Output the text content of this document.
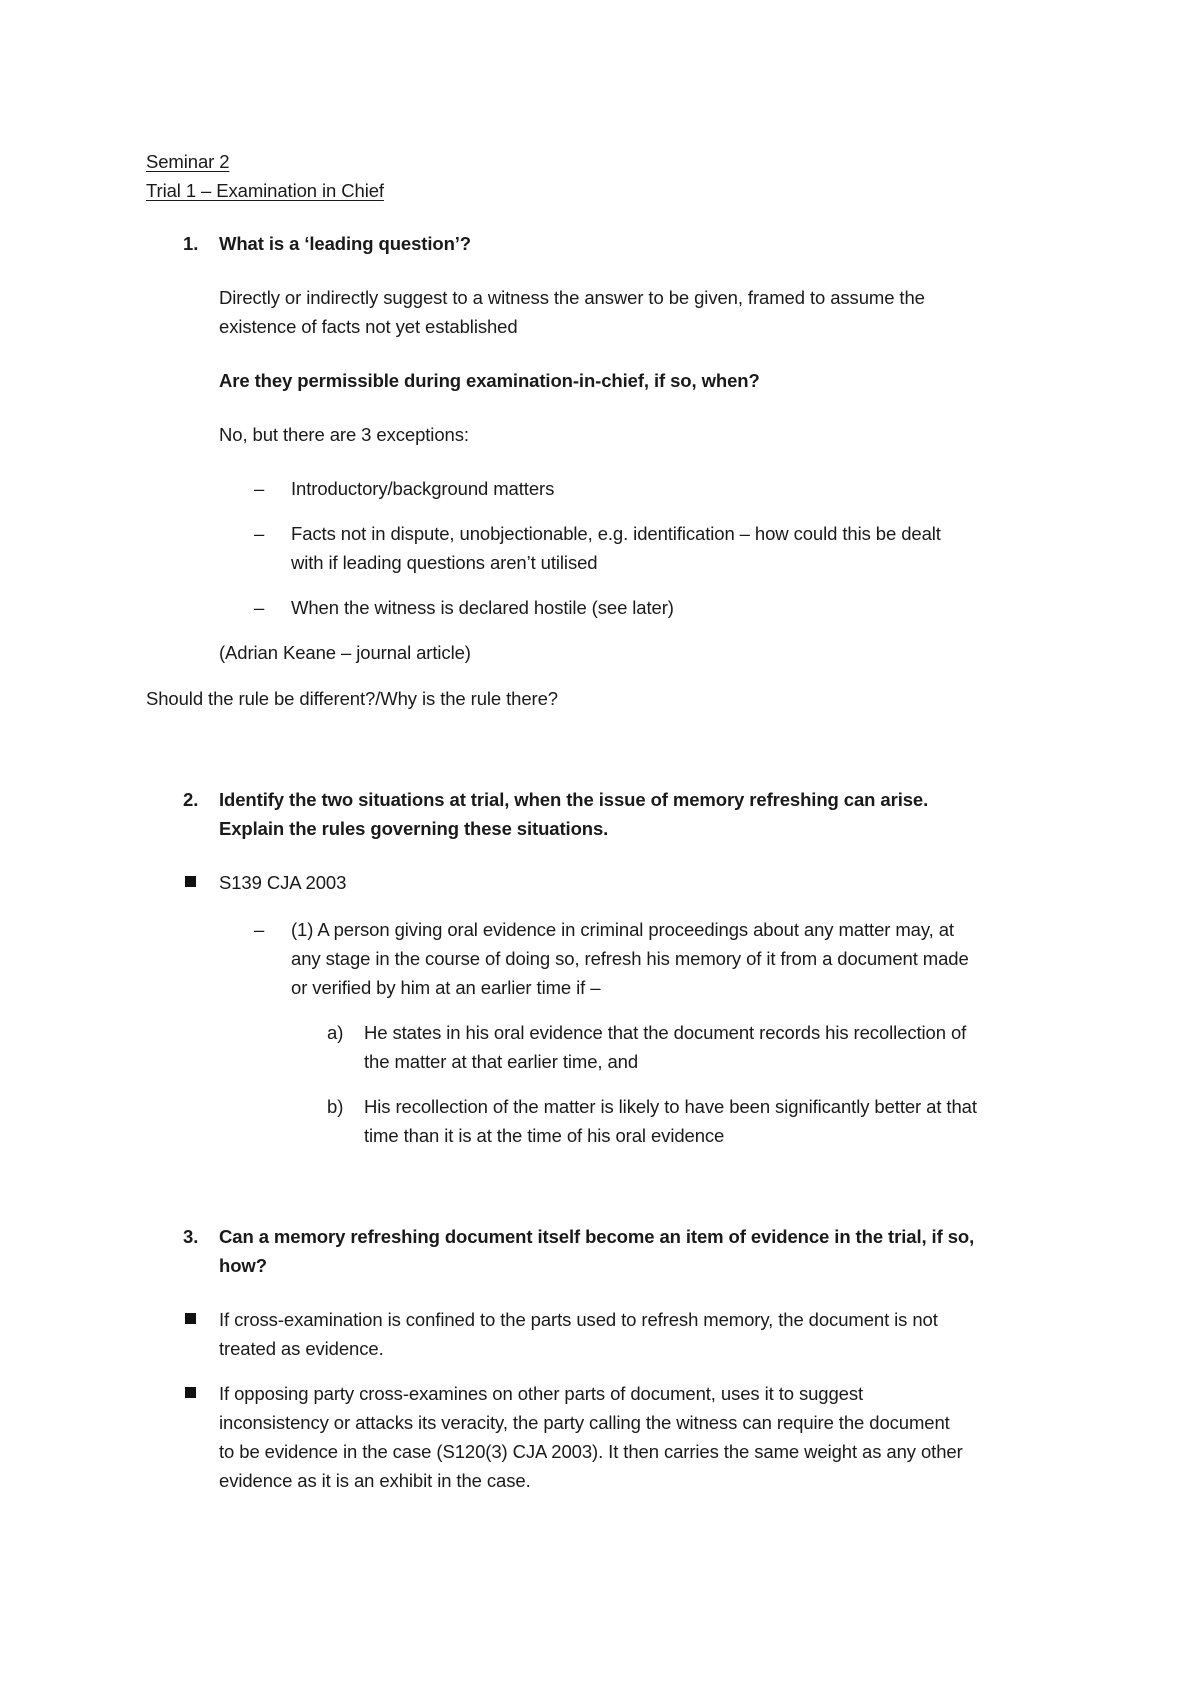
Seminar 2
Trial 1 – Examination in Chief
1. What is a ‘leading question’?
Directly or indirectly suggest to a witness the answer to be given, framed to assume the
existence of facts not yet established
Are they permissible during examination-in-chief, if so, when?
No, but there are 3 exceptions:
– Introductory/background matters
– Facts not in dispute, unobjectionable, e.g. identification – how could this be dealt
with if leading questions aren’t utilised
– When the witness is declared hostile (see later)
(Adrian Keane – journal article)
Should the rule be different?/Why is the rule there?
2. Identify the two situations at trial, when the issue of memory refreshing can arise.
Explain the rules governing these situations.
S139 CJA 2003
– (1) A person giving oral evidence in criminal proceedings about any matter may, at
any stage in the course of doing so, refresh his memory of it from a document made
or verified by him at an earlier time if –
a) He states in his oral evidence that the document records his recollection of
the matter at that earlier time, and
b) His recollection of the matter is likely to have been significantly better at that
time than it is at the time of his oral evidence
3. Can a memory refreshing document itself become an item of evidence in the trial, if so,
how?
If cross-examination is confined to the parts used to refresh memory, the document is not
treated as evidence.
If opposing party cross-examines on other parts of document, uses it to suggest
inconsistency or attacks its veracity, the party calling the witness can require the document
to be evidence in the case (S120(3) CJA 2003). It then carries the same weight as any other
evidence as it is an exhibit in the case.
